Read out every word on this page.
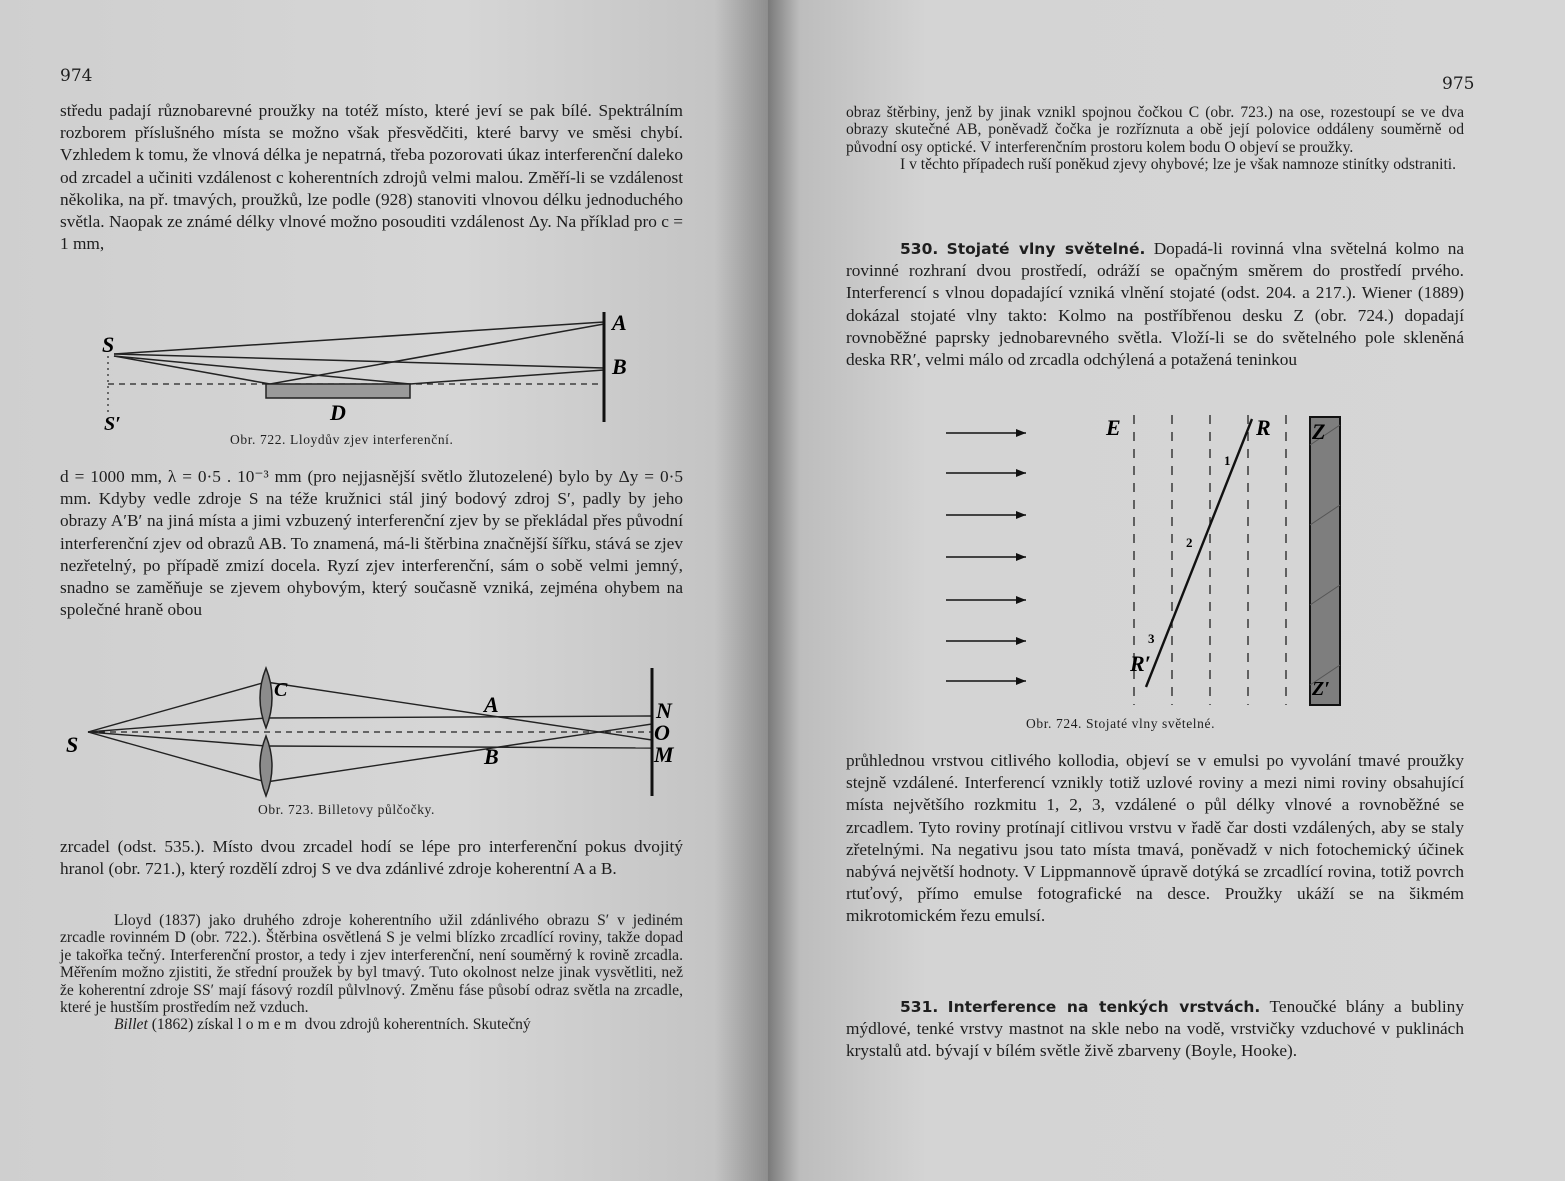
974

středu padají různobarevné proužky na totéž místo, které jeví se pak bílé. Spektrálním rozborem příslušného místa se možno však přesvědčiti, které barvy ve směsi chybí. Vzhledem k tomu, že vlnová délka je nepatrná, třeba pozorovati úkaz interferenční daleko od zrcadel a učiniti vzdálenost c koherentních zdrojů velmi malou. Změří-li se vzdálenost několika, na př. tmavých, proužků, lze podle (928) stanoviti vlnovou délku jednoduchého světla. Naopak ze známé délky vlnové možno posouditi vzdálenost Δy. Na příklad pro c = 1 mm,

S
S′
A
B
D
Obr. 722. Lloydův zjev interferenční.

d = 1000 mm, λ = 0·5 . 10⁻³ mm (pro nejjasnější světlo žlutozelené) bylo by Δy = 0·5 mm. Kdyby vedle zdroje S na téže kružnici stál jiný bodový zdroj S′, padly by jeho obrazy A′B′ na jiná místa a jimi vzbuzený interferenční zjev by se překládal přes původní interferenční zjev od obrazů AB. To znamená, má-li štěrbina značnější šířku, stává se zjev nezřetelný, po případě zmizí docela. Ryzí zjev interferenční, sám o sobě velmi jemný, snadno se zaměňuje se zjevem ohybovým, který současně vzniká, zejména ohybem na společné hraně obou

S
C
A
B
N
O
M
Obr. 723. Billetovy půlčočky.

zrcadel (odst. 535.). Místo dvou zrcadel hodí se lépe pro interferenční pokus dvojitý hranol (obr. 721.), který rozdělí zdroj S ve dva zdánlivé zdroje koherentní A a B.

Lloyd (1837) jako druhého zdroje koherentního užil zdánlivého obrazu S′ v jediném zrcadle rovinném D (obr. 722.). Štěrbina osvětlená S je velmi blízko zrcadlící roviny, takže dopad je takořka tečný. Interferenční prostor, a tedy i zjev interferenční, není souměrný k rovině zrcadla. Měřením možno zjistiti, že střední proužek by byl tmavý. Tuto okolnost nelze jinak vysvětliti, než že koherentní zdroje SS′ mají fásový rozdíl půlvlnový. Změnu fáse působí odraz světla na zrcadle, které je hustším prostředím než vzduch.

Billet (1862) získal lomem dvou zdrojů koherentních. Skutečný

975

obraz štěrbiny, jenž by jinak vznikl spojnou čočkou C (obr. 723.) na ose, rozestoupí se ve dva obrazy skutečné AB, poněvadž čočka je rozříznuta a obě její polovice oddáleny souměrně od původní osy optické. V interferenčním prostoru kolem bodu O objeví se proužky.

I v těchto případech ruší poněkud zjevy ohybové; lze je však namnoze stinítky odstraniti.

530. Stojaté vlny světelné. Dopadá-li rovinná vlna světelná kolmo na rovinné rozhraní dvou prostředí, odráží se opačným směrem do prostředí prvého. Interferencí s vlnou dopadající vzniká vlnění stojaté (odst. 204. a 217.). Wiener (1889) dokázal stojaté vlny takto: Kolmo na postříbřenou desku Z (obr. 724.) dopadají rovnoběžné paprsky jednobarevného světla. Vloží-li se do světelného pole skleněná deska RR′, velmi málo od zrcadla odchýlená a potažená teninkou

E	R Z
R′
Z′
1
2
3
Obr. 724. Stojaté vlny světelné.

průhlednou vrstvou citlivého kollodia, objeví se v emulsi po vyvolání tmavé proužky stejně vzdálené. Interferencí vznikly totiž uzlové roviny a mezi nimi roviny obsahující místa největšího rozkmitu 1, 2, 3, vzdálené o půl délky vlnové a rovnoběžné se zrcadlem. Tyto roviny protínají citlivou vrstvu v řadě čar dosti vzdálených, aby se staly zřetelnými. Na negativu jsou tato místa tmavá, poněvadž v nich fotochemický účinek nabývá největší hodnoty. V Lippmannově úpravě dotýká se zrcadlící rovina, totiž povrch rtuťový, přímo emulse fotografické na desce. Proužky ukáží se na šikmém mikrotomickém řezu emulsí.

531. Interference na tenkých vrstvách. Tenoučké blány a bubliny mýdlové, tenké vrstvy mastnot na skle nebo na vodě, vrstvičky vzduchové v puklinách krystalů atd. bývají v bílém světle živě zbarveny (Boyle, Hooke).
